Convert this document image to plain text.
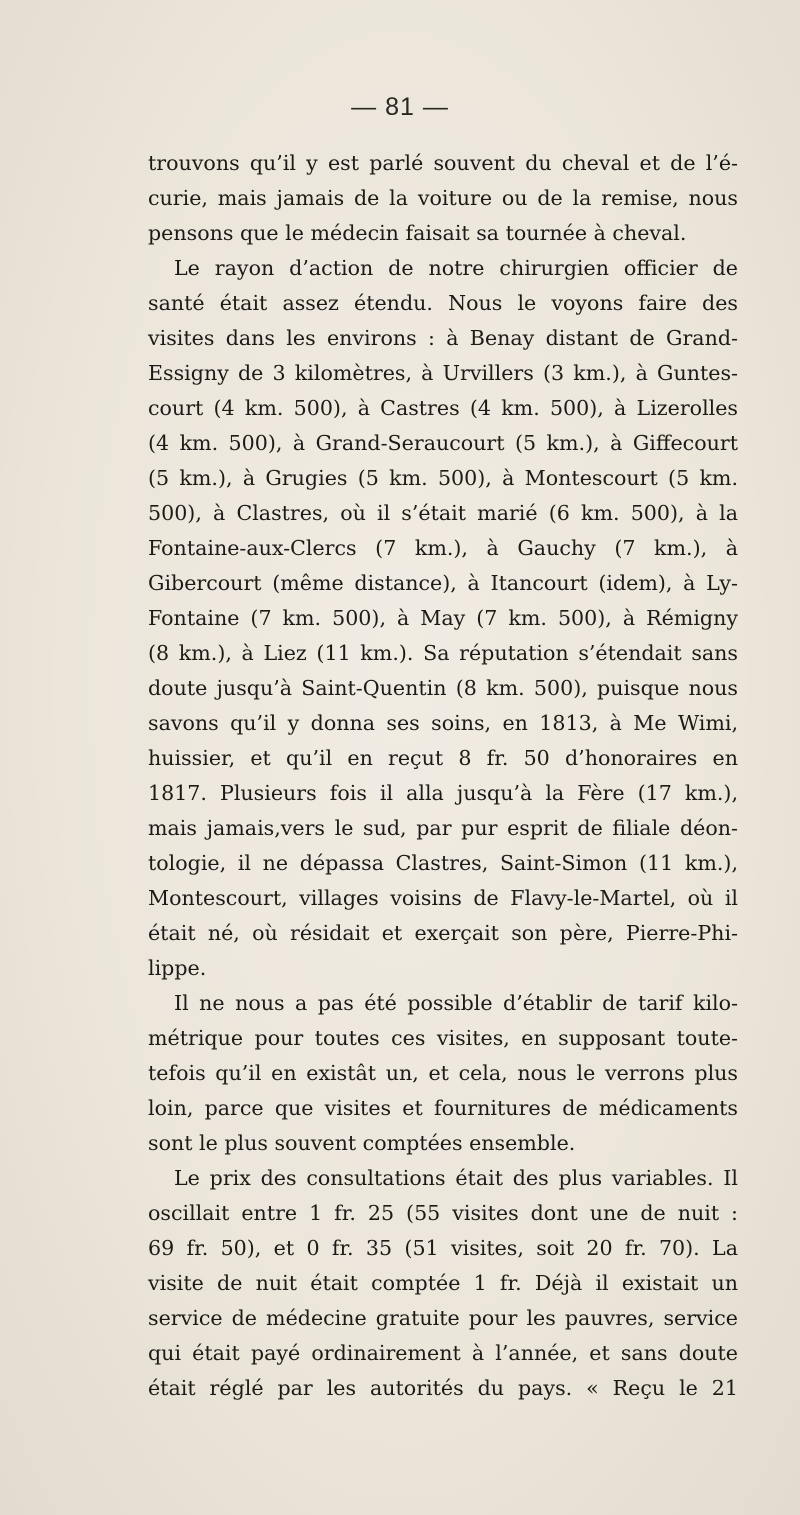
— 81 —
trouvons qu’il y est parlé souvent du cheval et de l’é-
curie, mais jamais de la voiture ou de la remise, nous
pensons que le médecin faisait sa tournée à cheval.
Le rayon d’action de notre chirurgien officier de
santé était assez étendu. Nous le voyons faire des
visites dans les environs : à Benay distant de Grand-
Essigny de 3 kilomètres, à Urvillers (3 km.), à Guntes-
court (4 km. 500), à Castres (4 km. 500), à Lizerolles
(4 km. 500), à Grand-Seraucourt (5 km.), à Giffecourt
(5 km.), à Grugies (5 km. 500), à Montescourt (5 km.
500), à Clastres, où il s’était marié (6 km. 500), à la
Fontaine-aux-Clercs (7 km.), à Gauchy (7 km.), à
Gibercourt (même distance), à Itancourt (idem), à Ly-
Fontaine (7 km. 500), à May (7 km. 500), à Rémigny
(8 km.), à Liez (11 km.). Sa réputation s’étendait sans
doute jusqu’à Saint-Quentin (8 km. 500), puisque nous
savons qu’il y donna ses soins, en 1813, à Me Wimi,
huissier, et qu’il en reçut 8 fr. 50 d’honoraires en
1817. Plusieurs fois il alla jusqu’à la Fère (17 km.),
mais jamais,vers le sud, par pur esprit de filiale déon-
tologie, il ne dépassa Clastres, Saint-Simon (11 km.),
Montescourt, villages voisins de Flavy-le-Martel, où il
était né, où résidait et exerçait son père, Pierre-Phi-
lippe.
Il ne nous a pas été possible d’établir de tarif kilo-
métrique pour toutes ces visites, en supposant toute-
tefois qu’il en existât un, et cela, nous le verrons plus
loin, parce que visites et fournitures de médicaments
sont le plus souvent comptées ensemble.
Le prix des consultations était des plus variables. Il
oscillait entre 1 fr. 25 (55 visites dont une de nuit :
69 fr. 50), et 0 fr. 35 (51 visites, soit 20 fr. 70). La
visite de nuit était comptée 1 fr. Déjà il existait un
service de médecine gratuite pour les pauvres, service
qui était payé ordinairement à l’année, et sans doute
était réglé par les autorités du pays. « Reçu le 21
